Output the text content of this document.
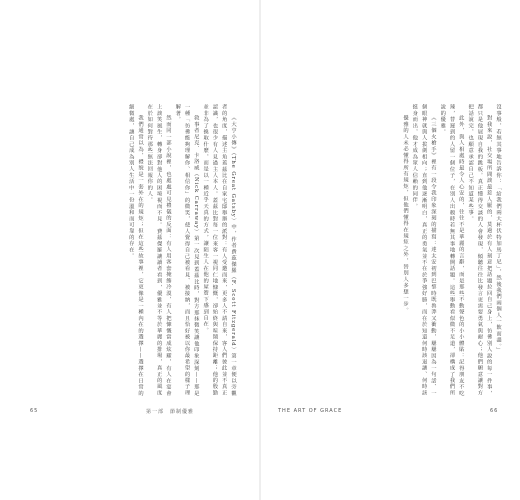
《大亨小傳》（The Great Gatsby）中，作者費茲傑羅（F. Scott Fitzgerald）第一章便以旁觀者的角度，描述主角蓋茲比在自家宅邸舉辦的派對：有人受邀而來，更多人不請自來，客人們彼此並不真正認識，也很少有人見過主人本人。蓋茲比對每一位來客一視同仁地慷慨，卻始終與喧鬧保持距離；他的殷勤並非為了換取什麼，而是以一種近乎天真的方式，讓陌生人在他的屋簷下感到自在。

敘事者尼克．卡洛威（Nick Carraway）第一次見到蓋茲比時，對方那抹微笑讓他印象深刻——那是一種「彷彿能夠理解你、相信你」的微笑，使人覺得自己被看見、被接納，而且恰好被以你最希望的樣子理解著。

然而同一部小說裡，也處處可見禮儀的反面：有人用客套掩飾冷漠，有人把慷慨當成炫耀，有人在宴會上談笑風生，轉身卻對他人的困境視而不見。費茲傑羅讓讀者看到，優雅並不等於華麗的排場，真正的風度在於如何對待那些無法回報你的人。

我們通常以為，禮貌是一套外在的規矩；但在這些故事裡，它更像是一種內在的選擇——選擇在日常的細微處，讓自己成為別人生活中一份溫和而可靠的存在。

65	第一部　節制優雅

沒事般，若無其事地告訴你：「給我們兩大杯伏特加馬丁尼」，然後我們兩個人一飲而盡。」

對我來說，社交場所間談最惹人厭的，莫過於有人刻意把話題拉回自己身上，彷彿別人說的每一件事，都只是他展現自我的跳板。真正懂得交談的人會發現，傾聽往往比發言更需要勇氣與耐心；他們願意讓對方把話說完，也願意承認自己不知道某些事。

此外，與人相處時最令人心安的，往往不是華麗的言辭，而是那些不動聲色的小小體貼：記得朋友不吃辣，替遲到的人留一個位子，在別人出糗時若無其事地轉開話題。這些舉動看似微不足道，卻構成了我們所說的優雅。

《三個火槍手》裡有一段令我印象深刻的描寫：達太安初到巴黎時既魯莽又衝動，屢屢因為一句話、一個眼神就與人拔劍相向；直到他逐漸明白，真正的勇氣並不在於爭強好勝，而在於知道何時該退讓、何時該挺身而出，他才成為眾人信賴的同伴。

優雅的人未必懂得所有規矩，但他們懂得在規矩之外，替別人多想一步。

THE ART OF GRACE	66
